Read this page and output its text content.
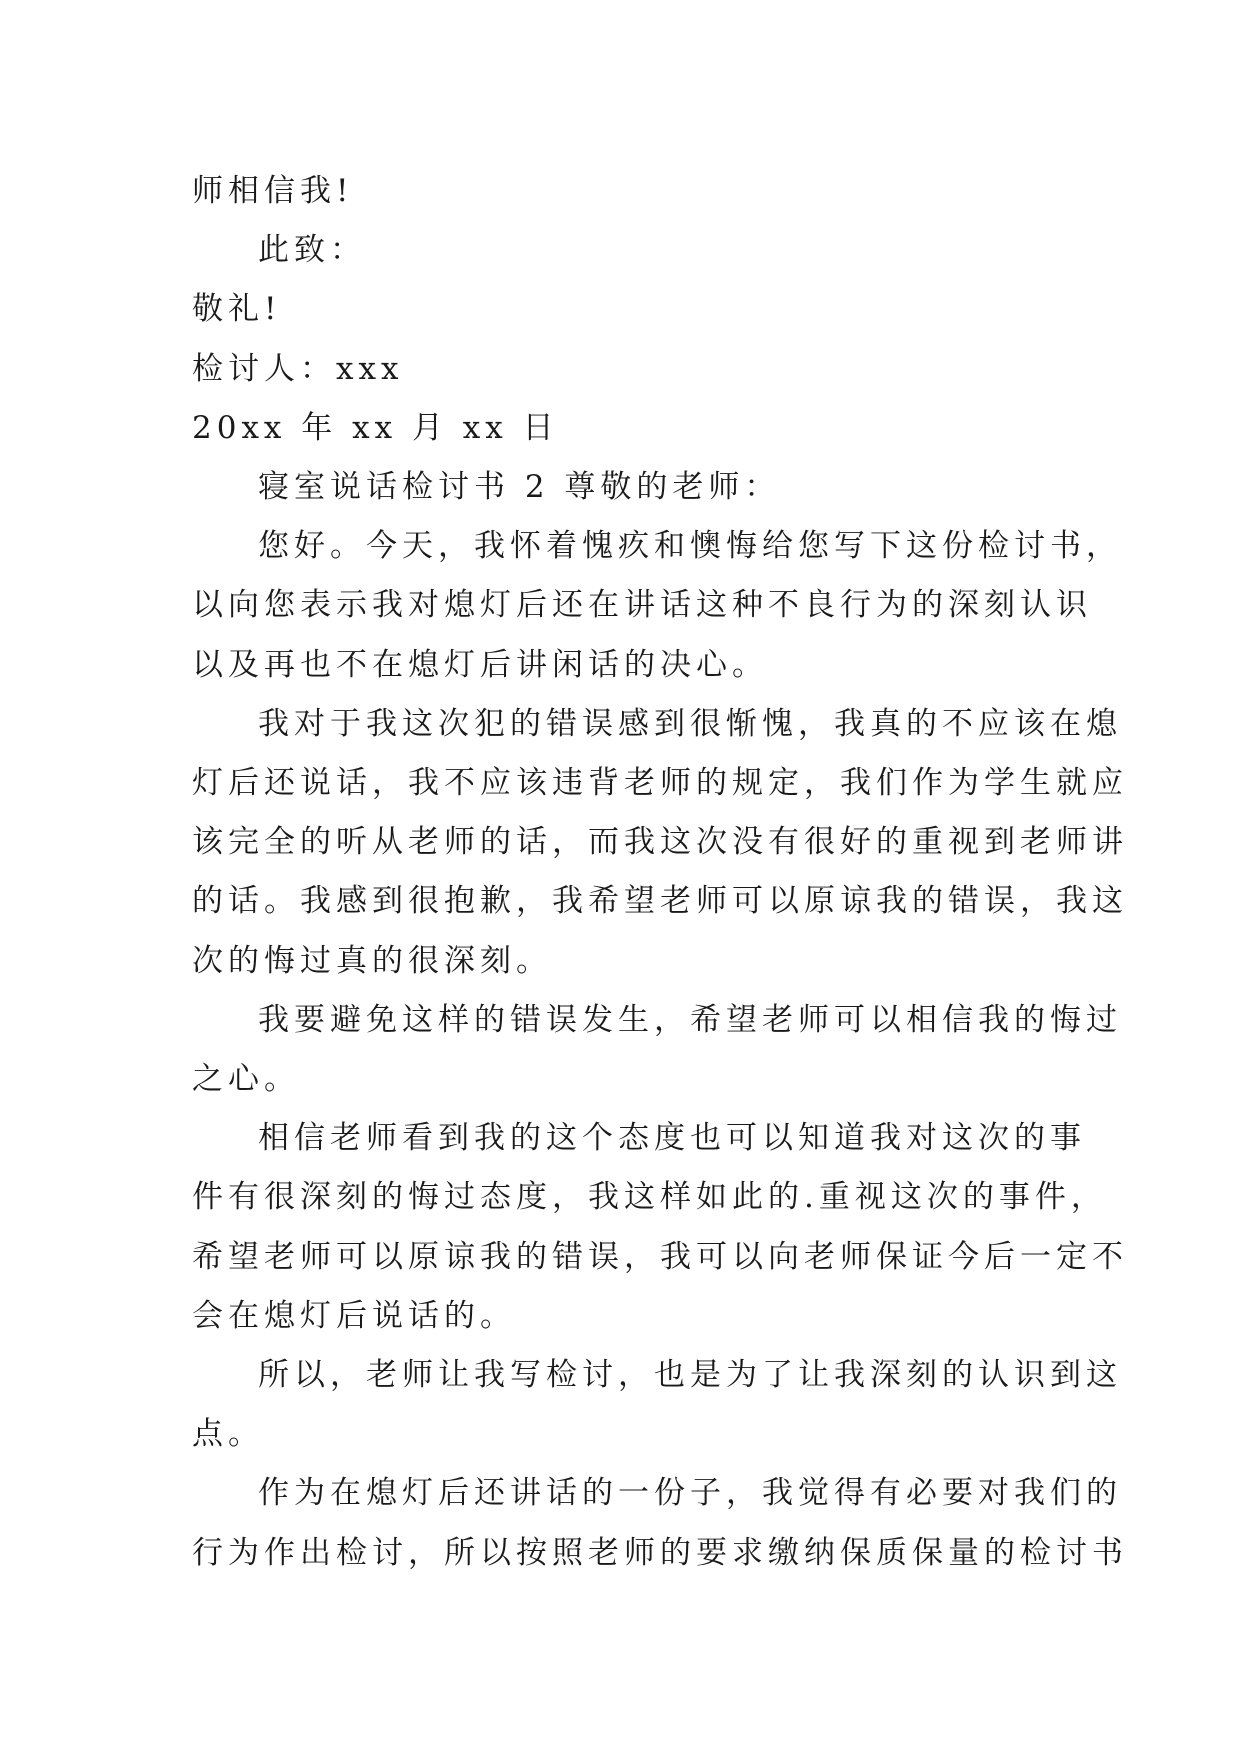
师相信我!

此致：

敬礼!

检讨人：xxx

20xx 年 xx 月 xx 日

寝室说话检讨书 2 尊敬的老师：

您好。今天，我怀着愧疚和懊悔给您写下这份检讨书，

以向您表示我对熄灯后还在讲话这种不良行为的深刻认识

以及再也不在熄灯后讲闲话的决心。

我对于我这次犯的错误感到很惭愧，我真的不应该在熄

灯后还说话，我不应该违背老师的规定，我们作为学生就应

该完全的听从老师的话，而我这次没有很好的重视到老师讲

的话。我感到很抱歉，我希望老师可以原谅我的错误，我这

次的悔过真的很深刻。

我要避免这样的错误发生，希望老师可以相信我的悔过

之心。

相信老师看到我的这个态度也可以知道我对这次的事

件有很深刻的悔过态度，我这样如此的.重视这次的事件，

希望老师可以原谅我的错误，我可以向老师保证今后一定不

会在熄灯后说话的。

所以，老师让我写检讨，也是为了让我深刻的认识到这

点。

作为在熄灯后还讲话的一份子，我觉得有必要对我们的

行为作出检讨，所以按照老师的要求缴纳保质保量的检讨书
